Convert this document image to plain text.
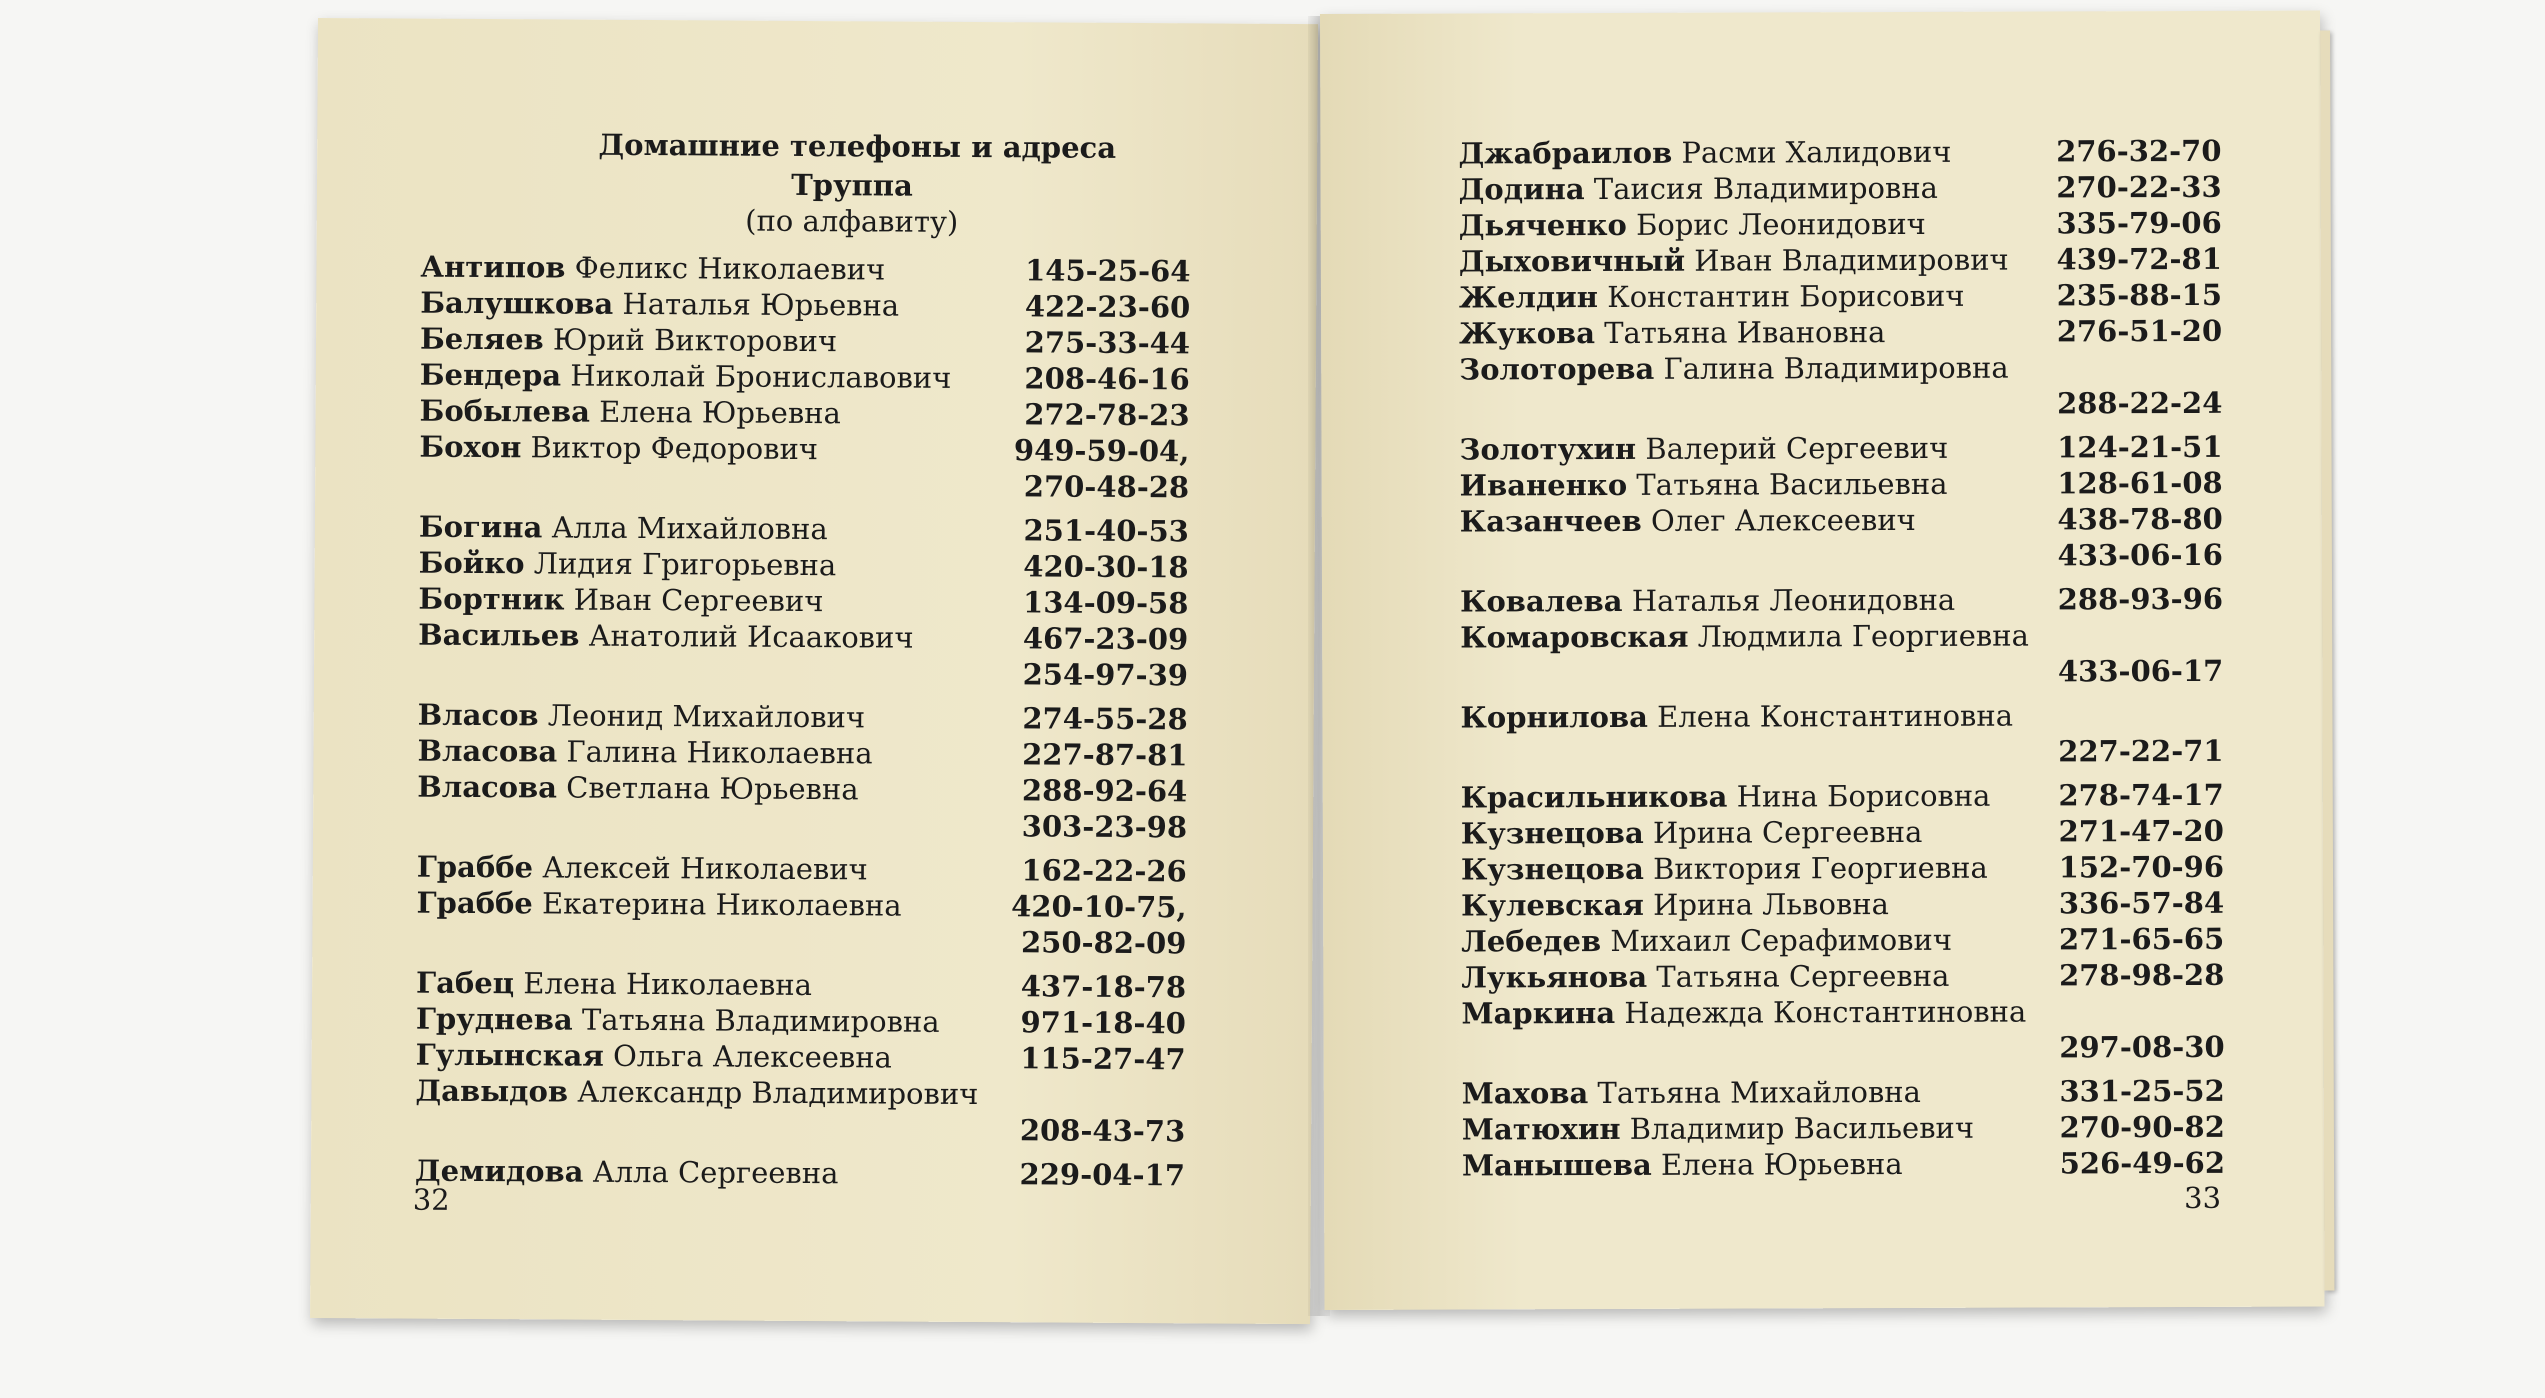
Домашние телефоны и адреса
Труппа
(по алфавиту)
Антипов Феликс Николаевич	145-25-64
Балушкова Наталья Юрьевна	422-23-60
Беляев Юрий Викторович	275-33-44
Бендера Николай Брониславович	208-46-16
Бобылева Елена Юрьевна	272-78-23
Бохон Виктор Федорович	949-59-04,
270-48-28
Богина Алла Михайловна	251-40-53
Бойко Лидия Григорьевна	420-30-18
Бортник Иван Сергеевич	134-09-58
Васильев Анатолий Исаакович	467-23-09
254-97-39
Власов Леонид Михайлович	274-55-28
Власова Галина Николаевна	227-87-81
Власова Светлана Юрьевна	288-92-64
303-23-98
Граббе Алексей Николаевич	162-22-26
Граббе Екатерина Николаевна	420-10-75,
250-82-09
Габец Елена Николаевна	437-18-78
Груднева Татьяна Владимировна	971-18-40
Гулынская Ольга Алексеевна	115-27-47
Давыдов Александр Владимирович
208-43-73
Демидова Алла Сергеевна	229-04-17
32
Джабраилов Расми Халидович	276-32-70
Додина Таисия Владимировна	270-22-33
Дьяченко Борис Леонидович	335-79-06
Дыховичный Иван Владимирович 439-72-81
Желдин Константин Борисович	235-88-15
Жукова Татьяна Ивановна	276-51-20
Золоторева Галина Владимировна
288-22-24
Золотухин Валерий Сергеевич	124-21-51
Иваненко Татьяна Васильевна	128-61-08
Казанчеев Олег Алексеевич	438-78-80
433-06-16
Ковалева Наталья Леонидовна	288-93-96
Комаровская Людмила Георгиевна
433-06-17
Корнилова Елена Константиновна
227-22-71
Красильникова Нина Борисовна 278-74-17
Кузнецова Ирина Сергеевна	271-47-20
Кузнецова Виктория Георгиевна 152-70-96
Кулевская Ирина Львовна	336-57-84
Лебедев Михаил Серафимович	271-65-65
Лукьянова Татьяна Сергеевна	278-98-28
Маркина Надежда Константиновна
297-08-30
Махова Татьяна Михайловна	331-25-52
Матюхин Владимир Васильевич	270-90-82
Манышева Елена Юрьевна	526-49-62
33
